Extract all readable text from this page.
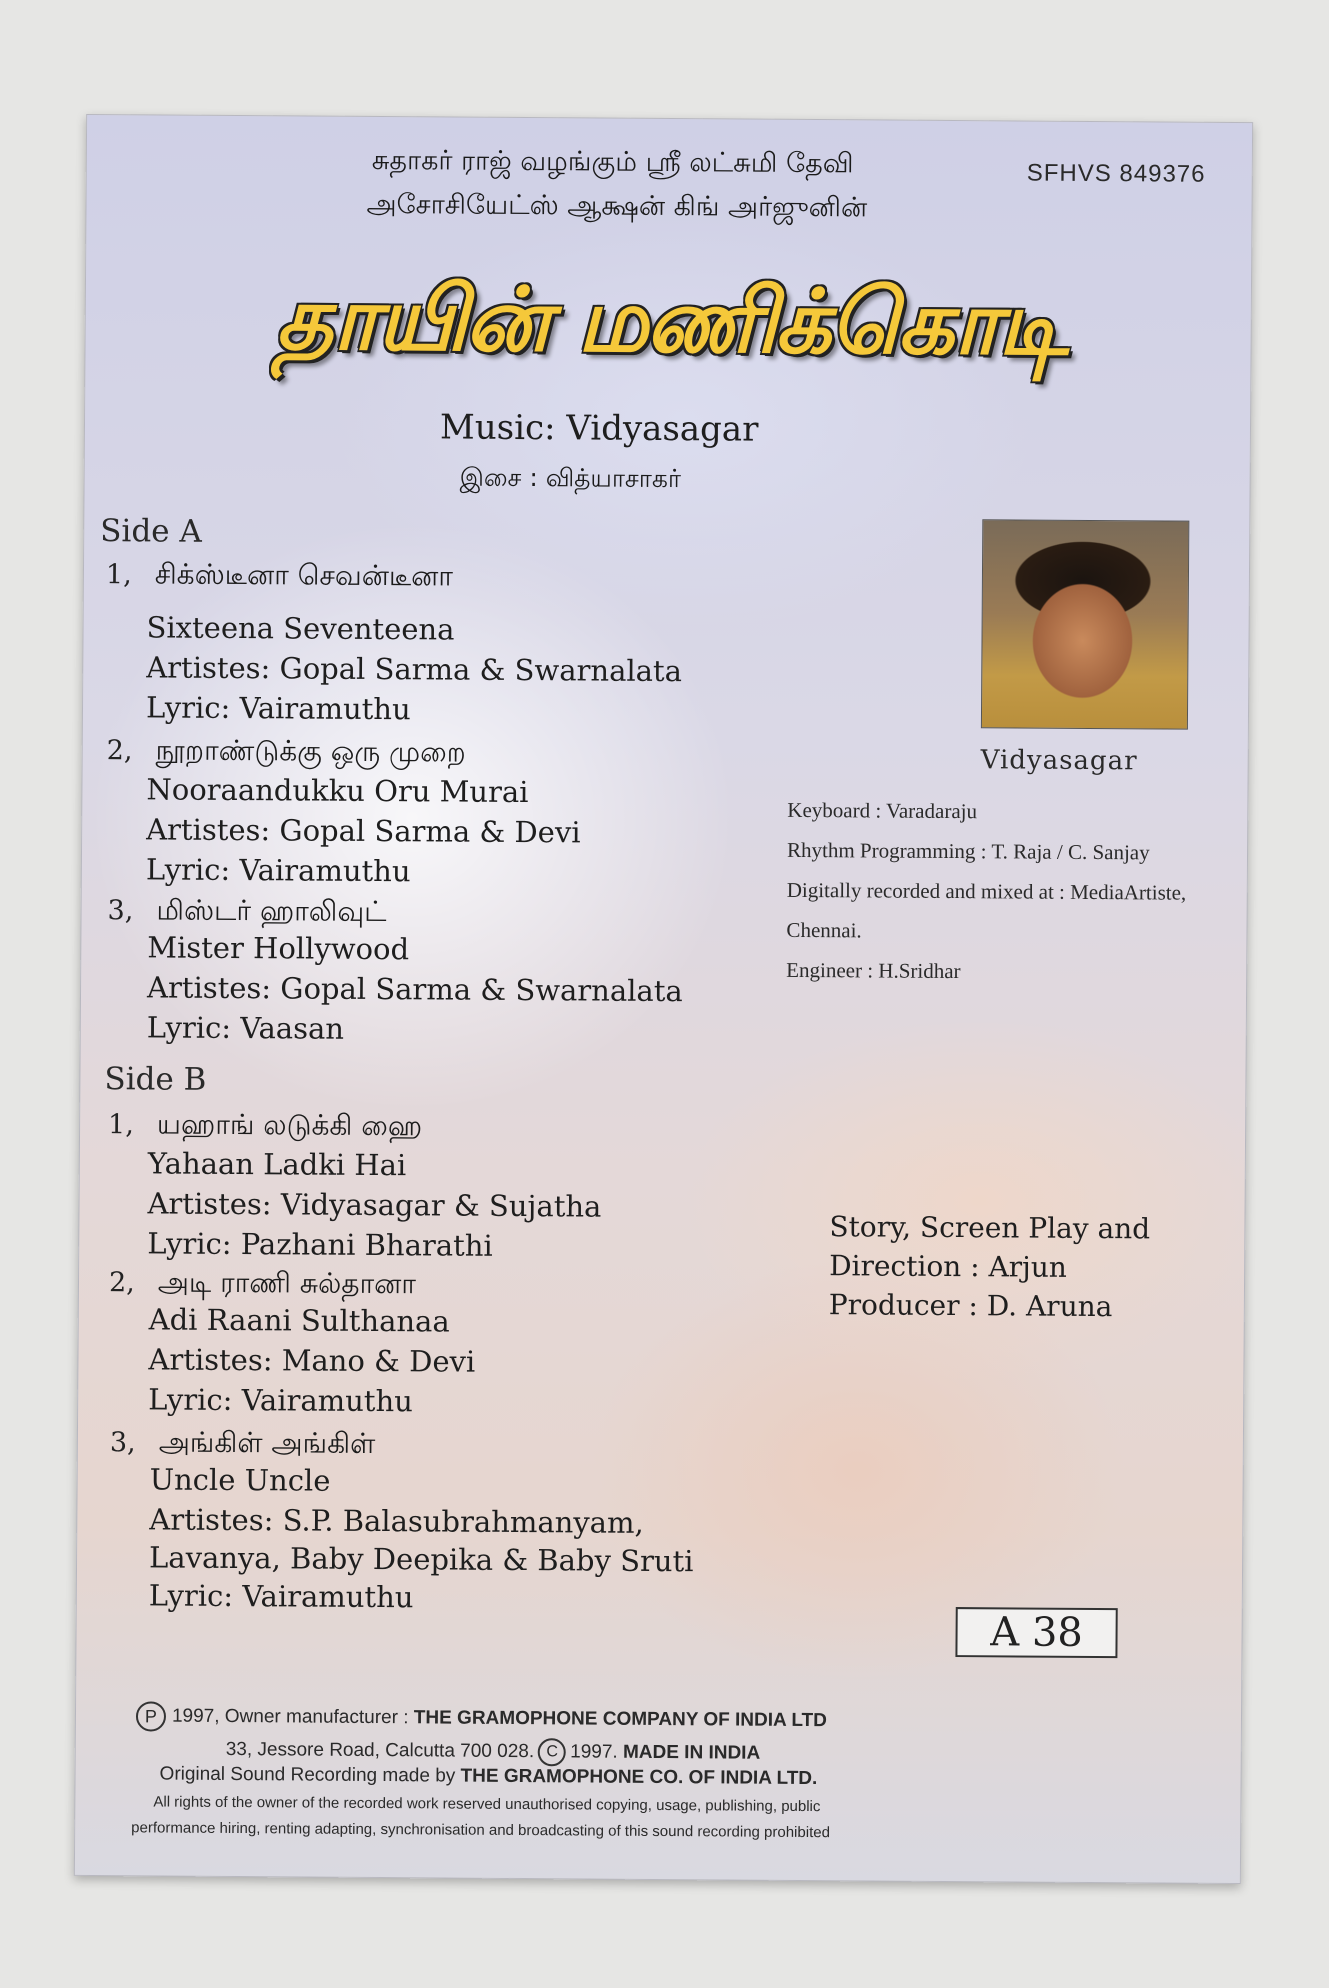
சுதாகர் ராஜ் வழங்கும் ஸ்ரீ லட்சுமி தேவி	SFHVS 849376
அசோசியேட்ஸ் ஆக்ஷன் கிங் அர்ஜுனின்
தாயின் மணிக்கொடி
Music: Vidyasagar
இசை : வித்யாசாகர்
Side A
1, சிக்ஸ்டீனா செவன்டீனா
Sixteena Seventeena
Artistes: Gopal Sarma & Swarnalata
Lyric: Vairamuthu
2, நூறாண்டுக்கு ஒரு முறை
Nooraandukku Oru Murai
Artistes: Gopal Sarma & Devi
Lyric: Vairamuthu
3, மிஸ்டர் ஹாலிவுட்
Mister Hollywood
Artistes: Gopal Sarma & Swarnalata
Lyric: Vaasan
Side B
1, யஹாங் லடுக்கி ஹை
Yahaan Ladki Hai
Artistes: Vidyasagar & Sujatha
Lyric: Pazhani Bharathi
2, அடி ராணி சுல்தானா
Adi Raani Sulthanaa
Artistes: Mano & Devi
Lyric: Vairamuthu
3, அங்கிள் அங்கிள்
Uncle Uncle
Artistes: S.P. Balasubrahmanyam,
Lavanya, Baby Deepika & Baby Sruti
Lyric: Vairamuthu
Vidyasagar
Keyboard : Varadaraju
Rhythm Programming : T. Raja / C. Sanjay
Digitally recorded and mixed at : MediaArtiste,
Chennai.
Engineer : H.Sridhar
Story, Screen Play and
Direction : Arjun
Producer : D. Aruna
A 38
P 1997, Owner manufacturer : THE GRAMOPHONE COMPANY OF INDIA LTD
33, Jessore Road, Calcutta 700 028. C 1997. MADE IN INDIA
Original Sound Recording made by THE GRAMOPHONE CO. OF INDIA LTD.
All rights of the owner of the recorded work reserved unauthorised copying, usage, publishing, public
performance hiring, renting adapting, synchronisation and broadcasting of this sound recording prohibited
